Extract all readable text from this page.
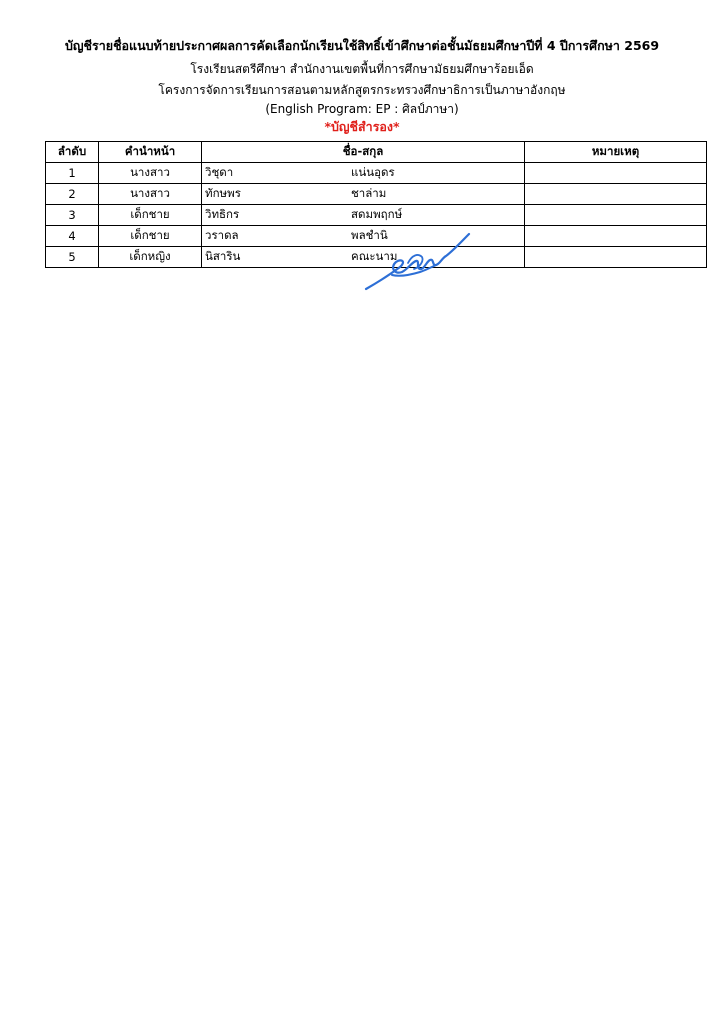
บัญชีรายชื่อแนบท้ายประกาศผลการคัดเลือกนักเรียนใช้สิทธิ์เข้าศึกษาต่อชั้นมัธยมศึกษาปีที่ 4 ปีการศึกษา 2569
โรงเรียนสตรีศึกษา สำนักงานเขตพื้นที่การศึกษามัธยมศึกษาร้อยเอ็ด
โครงการจัดการเรียนการสอนตามหลักสูตรกระทรวงศึกษาธิการเป็นภาษาอังกฤษ
(English Program: EP : ศิลป์ภาษา)
*บัญชีสำรอง*
ลำดับ	คำนำหน้า	ชื่อ-สกุล	หมายเหตุ
1	นางสาว	วิชุดา แน่นอุดร	
2	นางสาว	ทักษพร ชาล่าม	
3	เด็กชาย	วิทธิกร สดมพฤกษ์	
4	เด็กชาย	วราดล พลชำนิ	
5	เด็กหญิง	นิสาริน คณะนาม	
